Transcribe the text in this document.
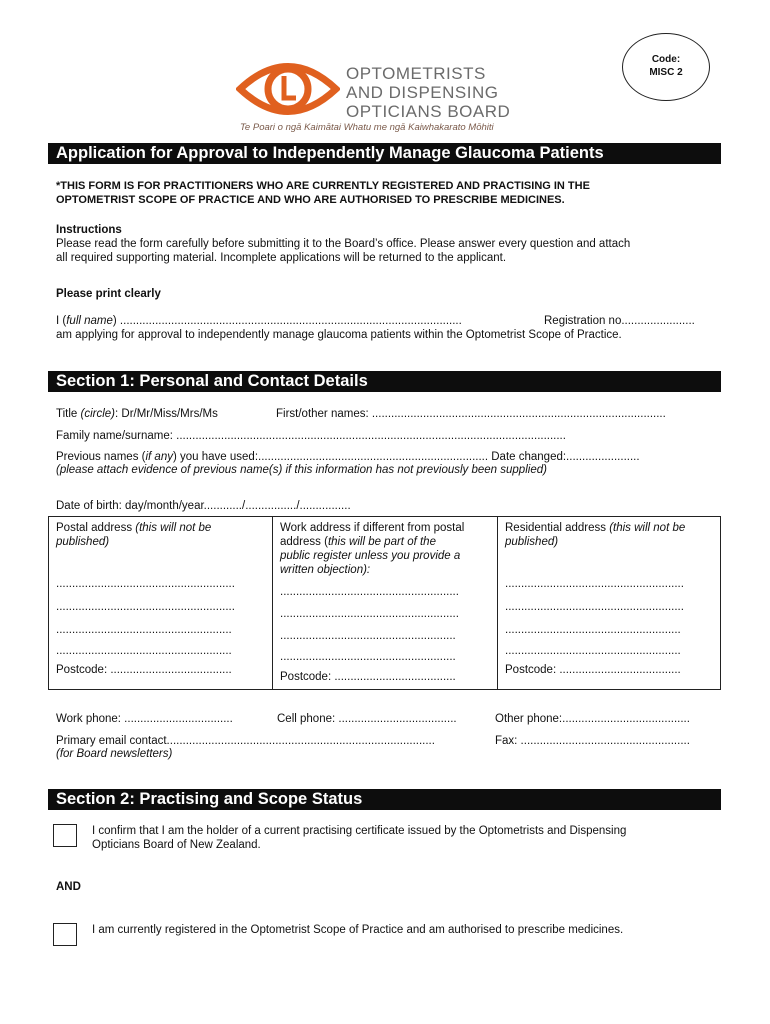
Code:
MISC 2
OPTOMETRISTS
AND DISPENSING
OPTICIANS BOARD
Te Poari o ngā Kaimātai Whatu me ngā Kaiwhakarato Mōhiti
Application for Approval to Independently Manage Glaucoma Patients
*THIS FORM IS FOR PRACTITIONERS WHO ARE CURRENTLY REGISTERED AND PRACTISING IN THE
OPTOMETRIST SCOPE OF PRACTICE AND WHO ARE AUTHORISED TO PRESCRIBE MEDICINES.
Instructions
Please read the form carefully before submitting it to the Board’s office. Please answer every question and attach
all required supporting material. Incomplete applications will be returned to the applicant.
Please print clearly
I (full name) ...........................................................................................................	Registration no.......................
am applying for approval to independently manage glaucoma patients within the Optometrist Scope of Practice.
Section 1: Personal and Contact Details
Title (circle): Dr/Mr/Miss/Mrs/Ms	First/other names: ............................................................................................
Family name/surname: ..........................................................................................................................
Previous names (if any) you have used:........................................................................ Date changed:.......................
(please attach evidence of previous name(s) if this information has not previously been supplied)
Date of birth: day/month/year............/................/................
Postal address (this will not be
published)
........................................................
........................................................
.......................................................
.......................................................
Postcode: ......................................
Work address if different from postal
address (this will be part of the
public register unless you provide a
written objection):
........................................................
........................................................
.......................................................
.......................................................
Postcode: ......................................
Residential address (this will not be
published)
........................................................
........................................................
.......................................................
.......................................................
Postcode: ......................................
Work phone: ..................................	Cell phone: .....................................	Other phone:........................................
Primary email contact....................................................................................
(for Board newsletters)
Fax: .....................................................
Section 2: Practising and Scope Status
I confirm that I am the holder of a current practising certificate issued by the Optometrists and Dispensing
Opticians Board of New Zealand.
AND
I am currently registered in the Optometrist Scope of Practice and am authorised to prescribe medicines.
